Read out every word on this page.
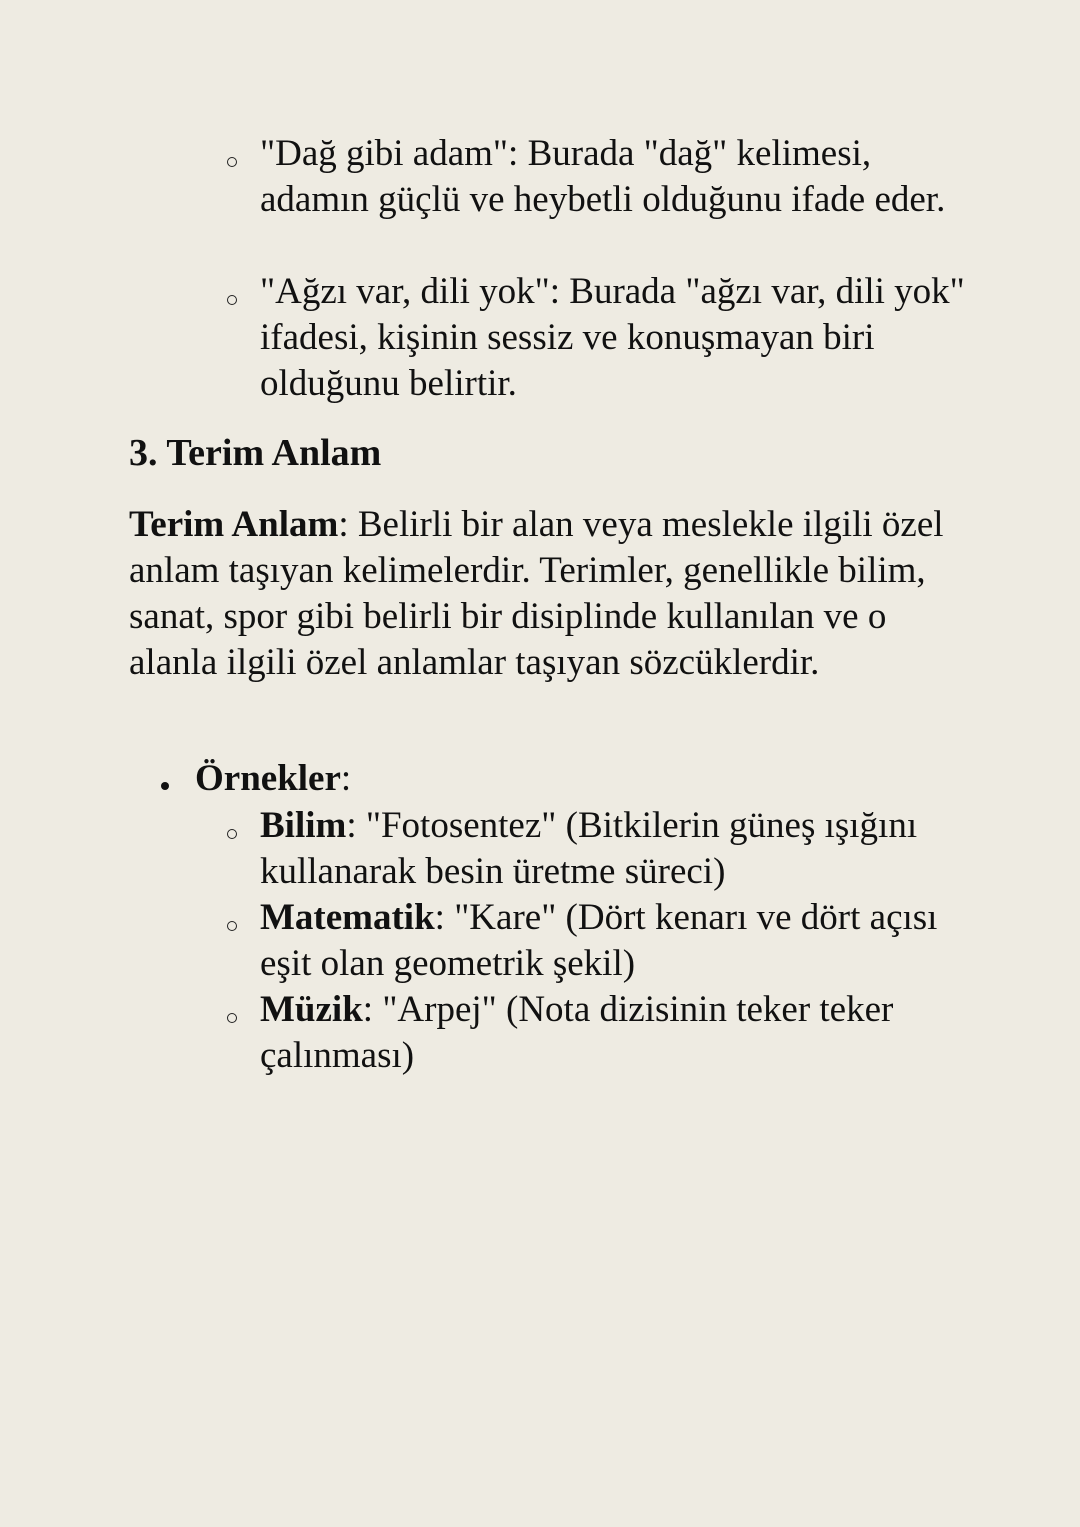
"Dağ gibi adam": Burada "dağ" kelimesi, adamın güçlü ve heybetli olduğunu ifade eder.
"Ağzı var, dili yok": Burada "ağzı var, dili yok" ifadesi, kişinin sessiz ve konuşmayan biri olduğunu belirtir.
3. Terim Anlam

Terim Anlam: Belirli bir alan veya meslekle ilgili özel anlam taşıyan kelimelerdir. Terimler, genellikle bilim, sanat, spor gibi belirli bir disiplinde kullanılan ve o alanla ilgili özel anlamlar taşıyan sözcüklerdir.

Örnekler:
Bilim: "Fotosentez" (Bitkilerin güneş ışığını kullanarak besin üretme süreci)
Matematik: "Kare" (Dört kenarı ve dört açısı eşit olan geometrik şekil)
Müzik: "Arpej" (Nota dizisinin teker teker çalınması)
